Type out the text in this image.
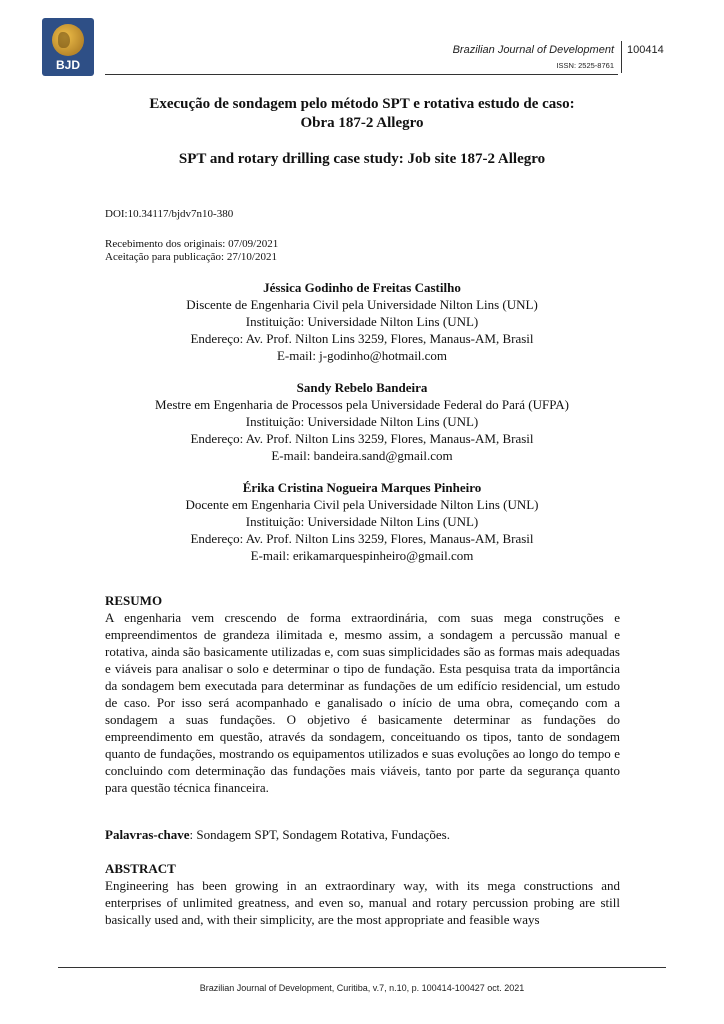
BJD
Brazilian Journal of Development
ISSN: 2525-8761
100414
Execução de sondagem pelo método SPT e rotativa estudo de caso:
Obra 187-2 Allegro
SPT and rotary drilling case study: Job site 187-2 Allegro
DOI:10.34117/bjdv7n10-380
Recebimento dos originais: 07/09/2021
Aceitação para publicação: 27/10/2021
Jéssica Godinho de Freitas Castilho
Discente de Engenharia Civil pela Universidade Nilton Lins (UNL)
Instituição: Universidade Nilton Lins (UNL)
Endereço: Av. Prof. Nilton Lins 3259, Flores, Manaus-AM, Brasil
E-mail: j-godinho@hotmail.com
Sandy Rebelo Bandeira
Mestre em Engenharia de Processos pela Universidade Federal do Pará (UFPA)
Instituição: Universidade Nilton Lins (UNL)
Endereço: Av. Prof. Nilton Lins 3259, Flores, Manaus-AM, Brasil
E-mail: bandeira.sand@gmail.com
Érika Cristina Nogueira Marques Pinheiro
Docente em Engenharia Civil pela Universidade Nilton Lins (UNL)
Instituição: Universidade Nilton Lins (UNL)
Endereço: Av. Prof. Nilton Lins 3259, Flores, Manaus-AM, Brasil
E-mail: erikamarquespinheiro@gmail.com
RESUMO
A engenharia vem crescendo de forma extraordinária, com suas mega construções e empreendimentos de grandeza ilimitada e, mesmo assim, a sondagem a percussão manual e rotativa, ainda são basicamente utilizadas e, com suas simplicidades são as formas mais adequadas e viáveis para analisar o solo e determinar o tipo de fundação. Esta pesquisa trata da importância da sondagem bem executada para determinar as fundações de um edifício residencial, um estudo de caso. Por isso será acompanhado e ganalisado o início de uma obra, começando com a sondagem a suas fundações. O objetivo é basicamente determinar as fundações do empreendimento em questão, através da sondagem, conceituando os tipos, tanto de sondagem quanto de fundações, mostrando os equipamentos utilizados e suas evoluções ao longo do tempo e concluindo com determinação das fundações mais viáveis, tanto por parte da segurança quanto para questão técnica financeira.
Palavras-chave: Sondagem SPT, Sondagem Rotativa, Fundações.
ABSTRACT
Engineering has been growing in an extraordinary way, with its mega constructions and enterprises of unlimited greatness, and even so, manual and rotary percussion probing are still basically used and, with their simplicity, are the most appropriate and feasible ways
Brazilian Journal of Development, Curitiba, v.7, n.10, p. 100414-100427 oct. 2021
